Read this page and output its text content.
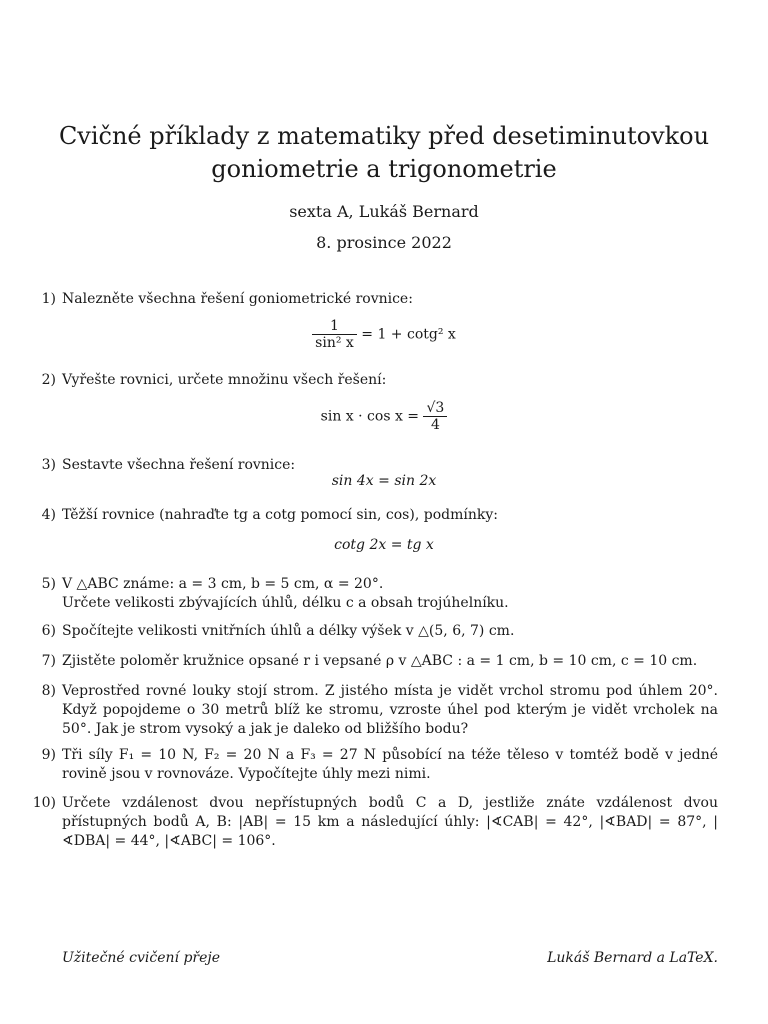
Cvičné příklady z matematiky před desetiminutovkou
goniometrie a trigonometrie
sexta A, Lukáš Bernard
8. prosince 2022
1) Nalezněte všechna řešení goniometrické rovnice:
$\frac{1}{\text{sin² x}} = 1 + \cot g^2$ x
2) Vyřešte rovnici, určete množinu všech řešení:
$\sin x \cdot \cos x = \frac{√3}{4}$
3) Sestavte všechna řešení rovnice:
sin 4x = sin 2x
4) Těžší rovnice (nahraďte tg a cotg pomocí sin, cos), podmínky:
cotg 2x = tg x
5) V △ABC známe: a = 3 cm, b = 5 cm, α = 20°.
Určete velikosti zbývajících úhlů, délku c a obsah trojúhelníku.
6) Spočítejte velikosti vnitřních úhlů a délky výšek v △(5, 6, 7) cm.
7) Zjistěte poloměr kružnice opsané r i vepsané ρ v △ABC : a = 1 cm, b = 10 cm, c = 10 cm.
8) Veprostřed rovné louky stojí strom. Z jistého místa je vidět vrchol stromu pod úhlem 20°. Když popojdeme o 30 metrů blíž ke stromu, vzroste úhel pod kterým je vidět vrcholek na 50°. Jak je strom vysoký a jak je daleko od bližšího bodu?
9) Tři síly F₁ = 10 N, F₂ = 20 N a F₃ = 27 N působící na téže těleso v tomtéž bodě v jedné rovině jsou v rovnováze. Vypočítejte úhly mezi nimi.
10) Určete vzdálenost dvou nepřístupných bodů C a D, jestliže znáte vzdálenost dvou přístupných bodů A, B: |AB| = 15 km a následující úhly: |∢CAB| = 42°, |∢BAD| = 87°, |∢DBA| = 44°, |∢ABC| = 106°.
Užitečné cvičení přeje	Lukáš Bernard a LaTeX.
